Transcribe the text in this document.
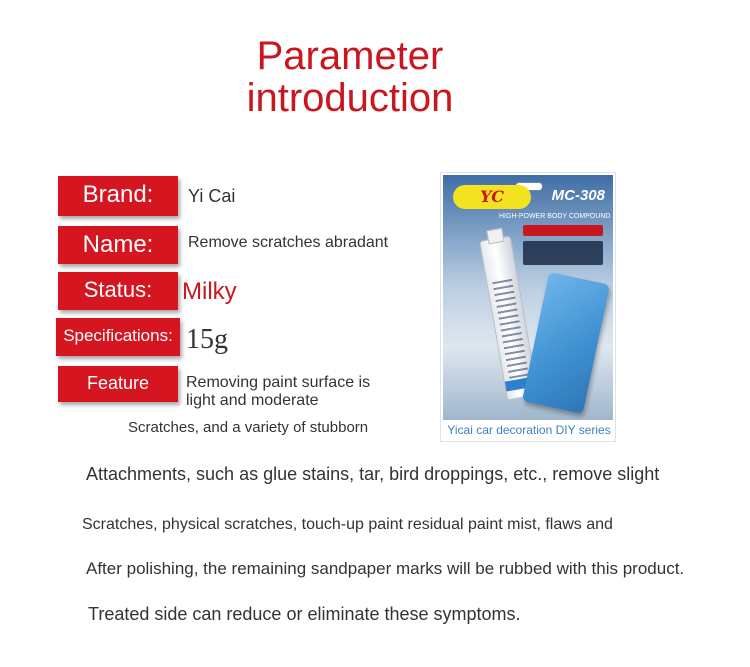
Parameter
introduction
Brand:	Yi Cai
Name:	Remove scratches abradant
Status:	Milky
Specifications: 15g
Feature	Removing paint surface is
light and moderate
YC	MC-308
HIGH-POWER BODY COMPOUND
Yicai car decoration DIY series
Scratches, and a variety of stubborn
Attachments, such as glue stains, tar, bird droppings, etc., remove slight
Scratches, physical scratches, touch-up paint residual paint mist, flaws and
After polishing, the remaining sandpaper marks will be rubbed with this product.
Treated side can reduce or eliminate these symptoms.
